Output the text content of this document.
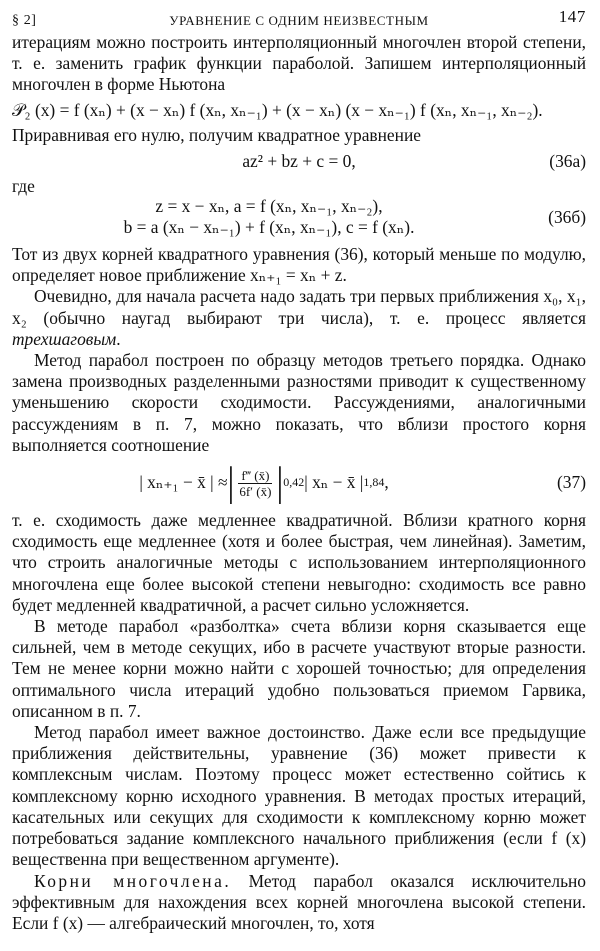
§ 2]	УРАВНЕНИЕ С ОДНИМ НЕИЗВЕСТНЫМ	147

итерациям можно построить интерполяционный многочлен второй степени, т. е. заменить график функции параболой. Запишем интерполяционный многочлен в форме Ньютона

𝒫₂ (x) = f (xₙ) + (x − xₙ) f (xₙ, xₙ₋₁) + (x − xₙ) (x − xₙ₋₁) f (xₙ, xₙ₋₁, xₙ₋₂).

Приравнивая его нулю, получим квадратное уравнение

az² + bz + c = 0,	(36а)
где
z = x − xₙ, a = f (xₙ, xₙ₋₁, xₙ₋₂),
b = a (xₙ − xₙ₋₁) + f (xₙ, xₙ₋₁), c = f (xₙ).
(36б)

Тот из двух корней квадратного уравнения (36), который меньше по модулю, определяет новое приближение xₙ₊₁ = xₙ + z.

Очевидно, для начала расчета надо задать три первых приближения x₀, x₁, x₂ (обычно наугад выбирают три числа), т. е. процесс является трехшаговым.

Метод парабол построен по образцу методов третьего порядка. Однако замена производных разделенными разностями приводит к существенному уменьшению скорости сходимости. Рассуждениями, аналогичными рассуждениям в п. 7, можно показать, что вблизи простого корня выполняется соотношение

| xₙ₊₁ − x̄ | ≈ | $\frac{f‴ (x̄)}{6f' (x̄)}$ | 0,42 | xₙ − x̄ | 1,84 ,	(37)

т. е. сходимость даже медленнее квадратичной. Вблизи кратного корня сходимость еще медленнее (хотя и более быстрая, чем линейная). Заметим, что строить аналогичные методы с использованием интерполяционного многочлена еще более высокой степени невыгодно: сходимость все равно будет медленней квадратичной, а расчет сильно усложняется.

В методе парабол «разболтка» счета вблизи корня сказывается еще сильней, чем в методе секущих, ибо в расчете участвуют вторые разности. Тем не менее корни можно найти с хорошей точностью; для определения оптимального числа итераций удобно пользоваться приемом Гарвика, описанном в п. 7.

Метод парабол имеет важное достоинство. Даже если все предыдущие приближения действительны, уравнение (36) может привести к комплексным числам. Поэтому процесс может естественно сойтись к комплексному корню исходного уравнения. В методах простых итераций, касательных или секущих для сходимости к комплексному корню может потребоваться задание комплексного начального приближения (если f (x) вещественна при вещественном аргументе).

Корни многочлена. Метод парабол оказался исключительно эффективным для нахождения всех корней многочлена высокой степени. Если f (x) — алгебраический многочлен, то, хотя
